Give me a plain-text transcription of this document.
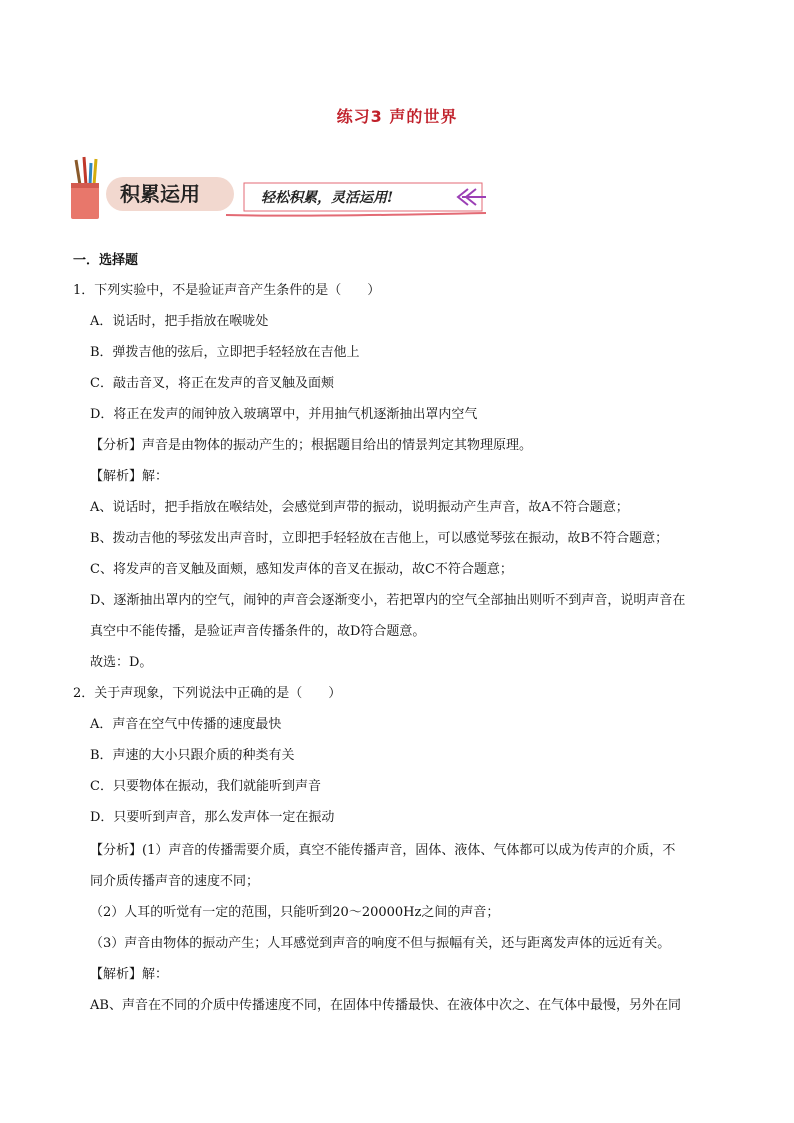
练习3 声的世界
积累运用	轻松积累，灵活运用!
一．选择题
1．下列实验中，不是验证声音产生条件的是（　　）
A．说话时，把手指放在喉咙处
B．弹拨吉他的弦后，立即把手轻轻放在吉他上
C．敲击音叉，将正在发声的音叉触及面颊
D．将正在发声的闹钟放入玻璃罩中，并用抽气机逐渐抽出罩内空气
【分析】声音是由物体的振动产生的；根据题目给出的情景判定其物理原理。
【解析】解：
A、说话时，把手指放在喉结处，会感觉到声带的振动，说明振动产生声音，故A不符合题意；
B、拨动吉他的琴弦发出声音时，立即把手轻轻放在吉他上，可以感觉琴弦在振动，故B不符合题意；
C、将发声的音叉触及面颊，感知发声体的音叉在振动，故C不符合题意；
D、逐渐抽出罩内的空气，闹钟的声音会逐渐变小，若把罩内的空气全部抽出则听不到声音，说明声音在
真空中不能传播，是验证声音传播条件的，故D符合题意。
故选：D。
2．关于声现象，下列说法中正确的是（　　）
A．声音在空气中传播的速度最快
B．声速的大小只跟介质的种类有关
C．只要物体在振动，我们就能听到声音
D．只要听到声音，那么发声体一定在振动
【分析】(1）声音的传播需要介质，真空不能传播声音，固体、液体、气体都可以成为传声的介质，不
同介质传播声音的速度不同；
（2）人耳的听觉有一定的范围，只能听到20～20000Hz之间的声音；
（3）声音由物体的振动产生；人耳感觉到声音的响度不但与振幅有关，还与距离发声体的远近有关。
【解析】解：
AB、声音在不同的介质中传播速度不同，在固体中传播最快、在液体中次之、在气体中最慢，另外在同
